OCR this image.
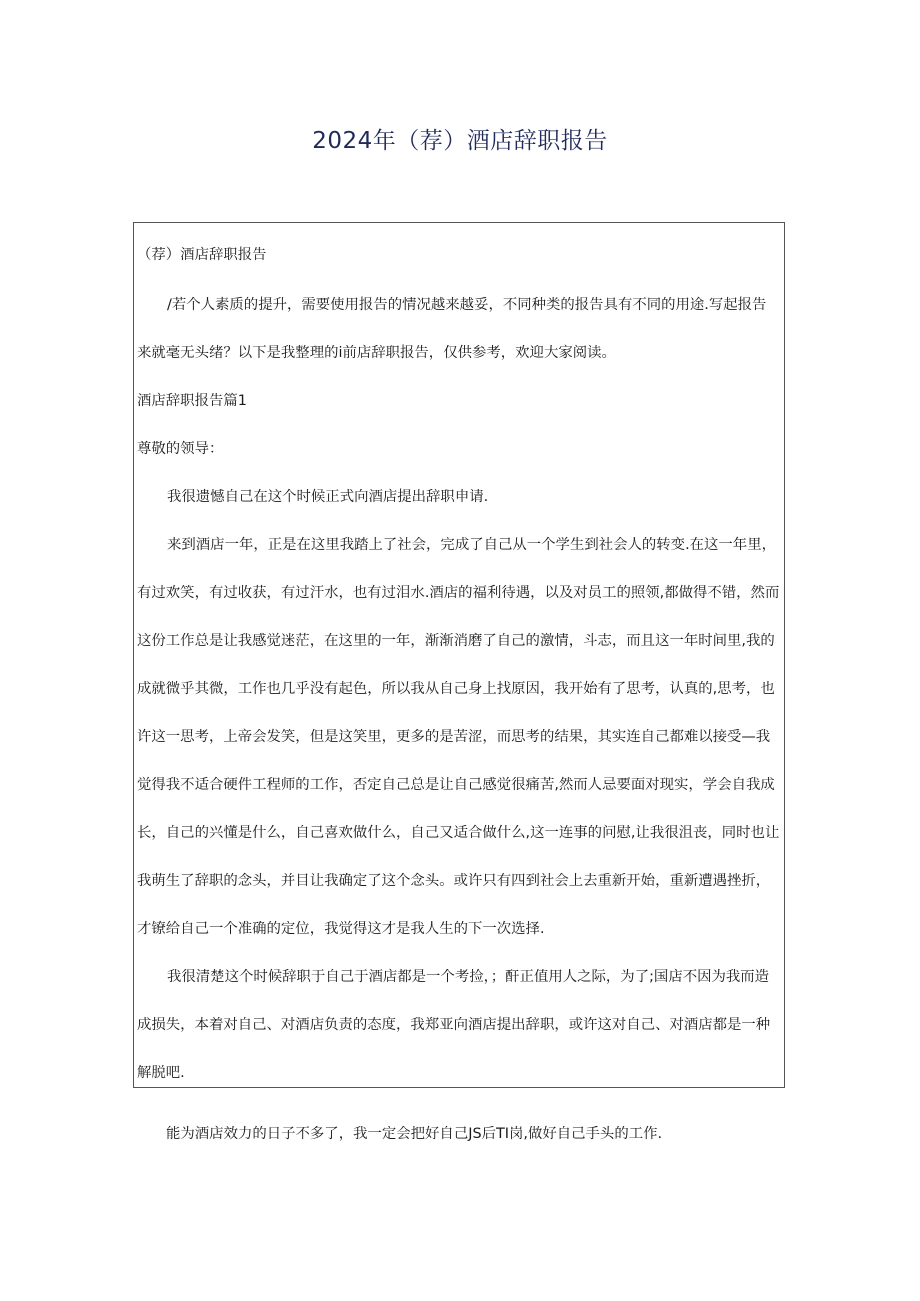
2024年（荐）酒店辞职报告

（荐）酒店辞职报告

/若个人素质的提升，需要使用报告的情况越来越妥，不同种类的报告具有不同的用途.写起报告

来就毫无头绪？以下是我整理的i前店辞职报告，仅供参考，欢迎大家阅读。

酒店辞职报告篇1

尊敬的领导：

我很遗憾自己在这个时候正式向酒店提出辞职申请.

来到酒店一年，正是在这里我踏上了社会，完成了自己从一个学生到社会人的转变.在这一年里，

有过欢笑，有过收获，有过汗水，也有过泪水.酒店的福利待遇，以及对员工的照领,都做得不错，然而

这份工作总是让我感觉迷茫，在这里的一年，渐渐消磨了自己的激情，斗志，而且这一年时间里,我的

成就微乎其微，工作也几乎没有起色，所以我从自己身上找原因，我开始有了思考，认真的,思考，也

许这一思考，上帝会发笑，但是这笑里，更多的是苦涩，而思考的结果，其实连自己都难以接受—我

觉得我不适合硬件工程师的工作，否定自己总是让自己感觉很痛苦,然而人忌要面对现实，学会自我成

长，自己的兴懂是什么，自己喜欢做什么，自己又适合做什么,这一连事的问慰,让我很沮丧，同时也让

我萌生了辞职的念头，并目让我确定了这个念头。或许只有四到社会上去重新开始，重新遭遇挫折，

才镣给自己一个准确的定位，我觉得这才是我人生的下一次选择.

我很清楚这个时候辞职于自己于酒店都是一个考捡，；酐正值用人之际，为了;国店不因为我而造

成损失，本着对自己、对酒店负责的态度，我郑亚向酒店提出辞职，或许这对自己、对酒店都是一种

解脱吧.

能为酒店效力的日子不多了，我一定会把好自己JS后TI岗,做好自己手头的工作.
